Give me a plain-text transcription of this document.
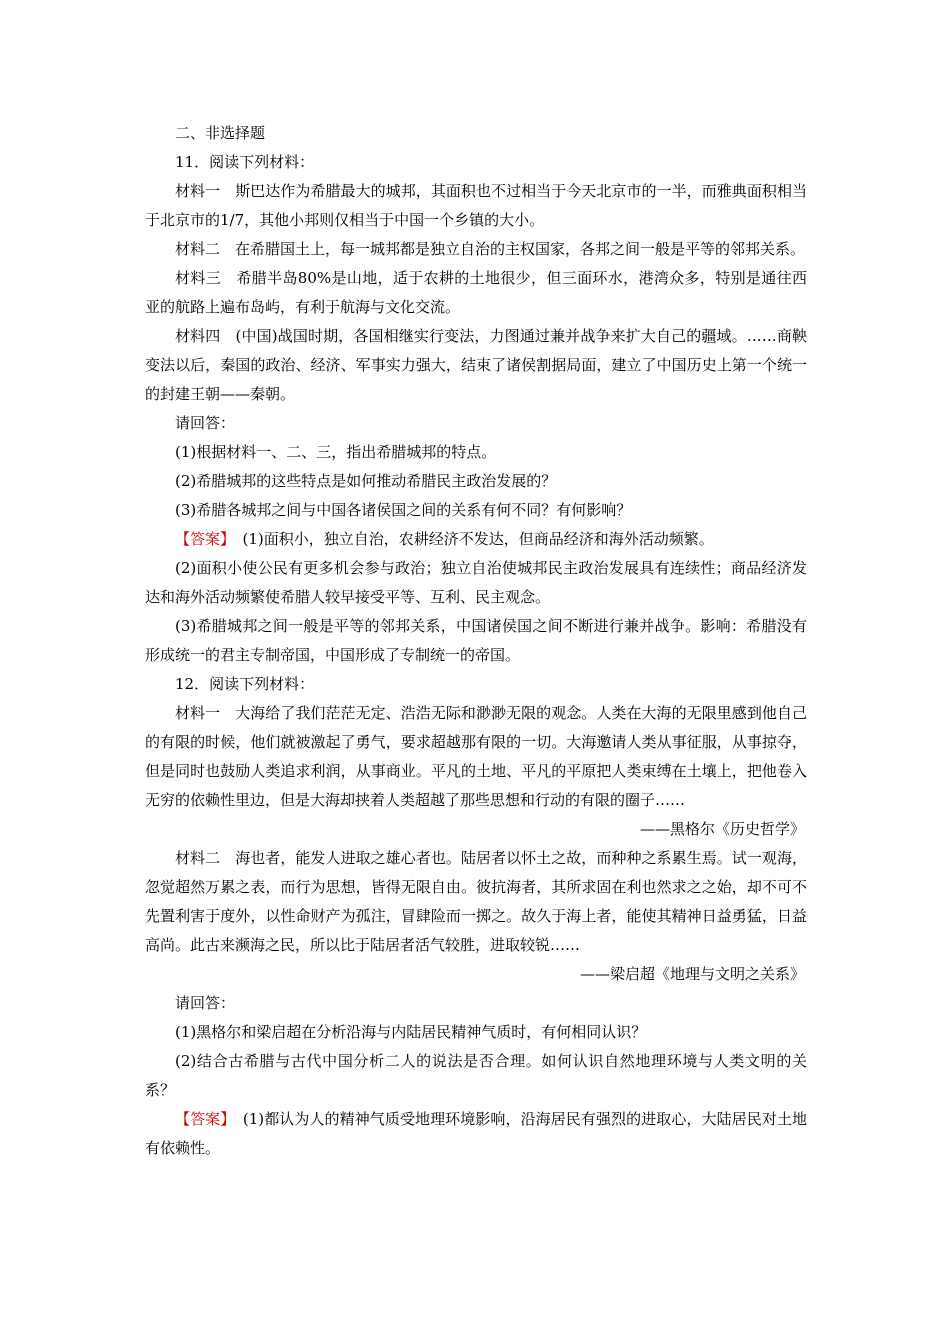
二、非选择题

11．阅读下列材料：

材料一　斯巴达作为希腊最大的城邦，其面积也不过相当于今天北京市的一半，而雅典面积相当于北京市的1/7，其他小邦则仅相当于中国一个乡镇的大小。

材料二　在希腊国土上，每一城邦都是独立自治的主权国家，各邦之间一般是平等的邻邦关系。

材料三　希腊半岛80%是山地，适于农耕的土地很少，但三面环水，港湾众多，特别是通往西亚的航路上遍布岛屿，有利于航海与文化交流。

材料四　(中国)战国时期，各国相继实行变法，力图通过兼并战争来扩大自己的疆域。……商鞅变法以后，秦国的政治、经济、军事实力强大，结束了诸侯割据局面，建立了中国历史上第一个统一的封建王朝——秦朝。

请回答：

(1)根据材料一、二、三，指出希腊城邦的特点。

(2)希腊城邦的这些特点是如何推动希腊民主政治发展的？

(3)希腊各城邦之间与中国各诸侯国之间的关系有何不同？有何影响？

【答案】　(1)面积小，独立自治，农耕经济不发达，但商品经济和海外活动频繁。

(2)面积小使公民有更多机会参与政治；独立自治使城邦民主政治发展具有连续性；商品经济发达和海外活动频繁使希腊人较早接受平等、互利、民主观念。

(3)希腊城邦之间一般是平等的邻邦关系，中国诸侯国之间不断进行兼并战争。影响：希腊没有形成统一的君主专制帝国，中国形成了专制统一的帝国。

12．阅读下列材料：

材料一　大海给了我们茫茫无定、浩浩无际和渺渺无限的观念。人类在大海的无限里感到他自己的有限的时候，他们就被激起了勇气，要求超越那有限的一切。大海邀请人类从事征服，从事掠夺，但是同时也鼓励人类追求利润，从事商业。平凡的土地、平凡的平原把人类束缚在土壤上，把他卷入无穷的依赖性里边，但是大海却挟着人类超越了那些思想和行动的有限的圈子……

——黑格尔《历史哲学》

材料二　海也者，能发人进取之雄心者也。陆居者以怀土之故，而种种之系累生焉。试一观海，忽觉超然万累之表，而行为思想，皆得无限自由。彼抗海者，其所求固在利也然求之之始，却不可不先置利害于度外，以性命财产为孤注，冒肆险而一掷之。故久于海上者，能使其精神日益勇猛，日益高尚。此古来濒海之民，所以比于陆居者活气较胜，进取较锐……

——梁启超《地理与文明之关系》

请回答：

(1)黑格尔和梁启超在分析沿海与内陆居民精神气质时，有何相同认识？

(2)结合古希腊与古代中国分析二人的说法是否合理。如何认识自然地理环境与人类文明的关系？

【答案】　(1)都认为人的精神气质受地理环境影响，沿海居民有强烈的进取心，大陆居民对土地有依赖性。
